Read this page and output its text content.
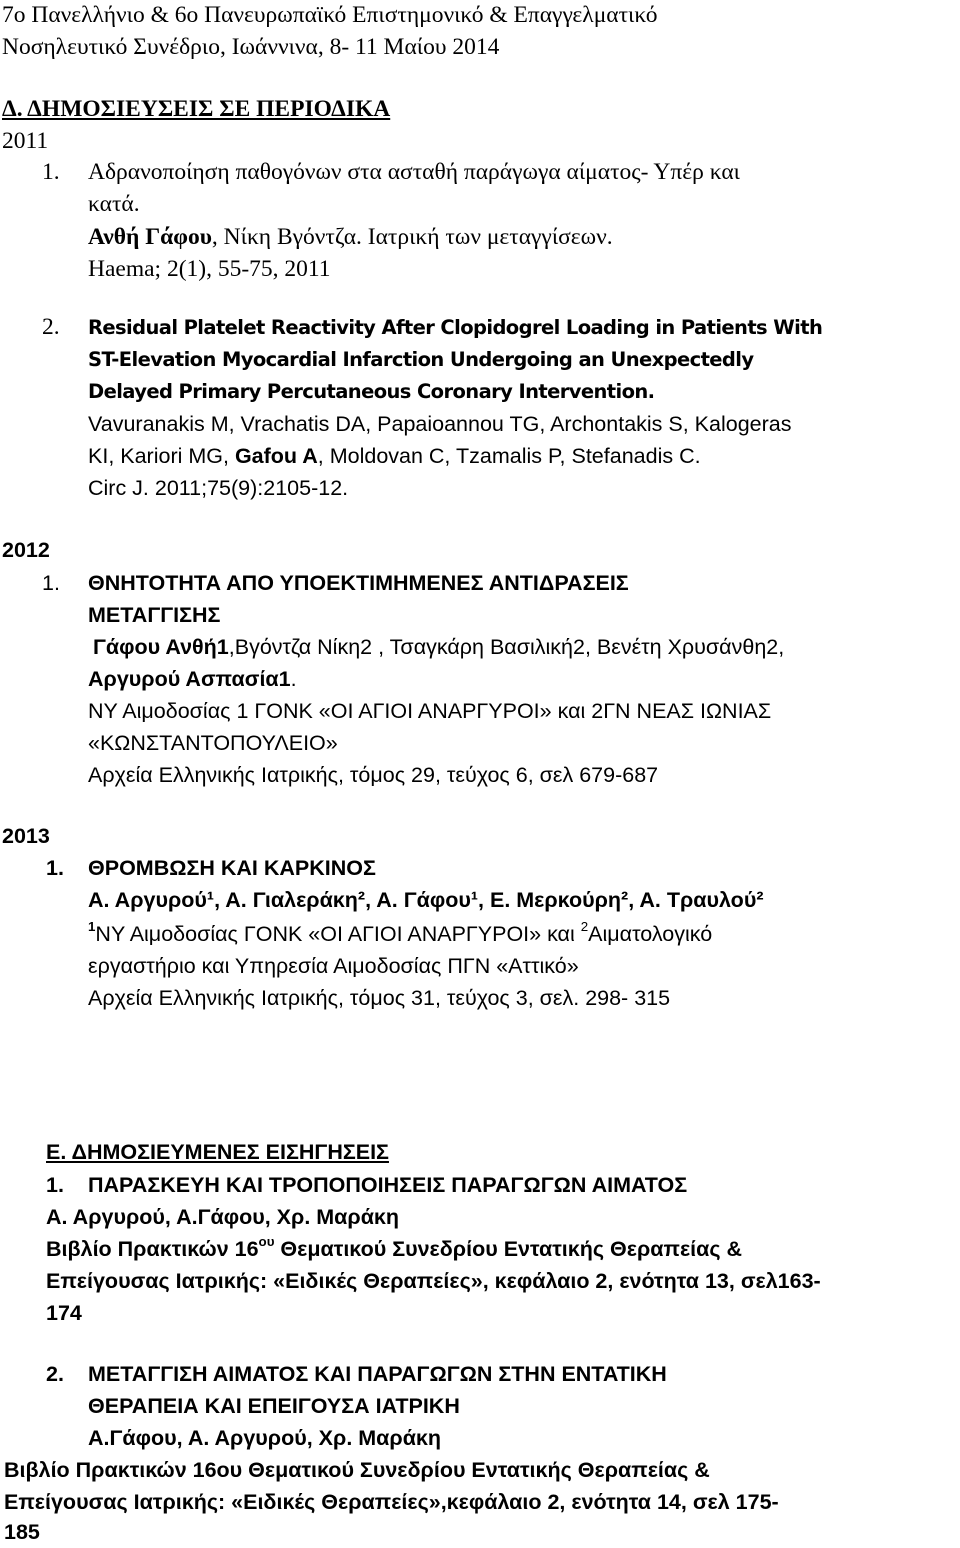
7ο Πανελλήνιο & 6ο Πανευρωπαϊκό Επιστημονικό & Επαγγελματικό
Νοσηλευτικό Συνέδριο, Ιωάννινα, 8- 11 Μαίου 2014
Δ. ΔΗΜΟΣΙΕΥΣΕΙΣ ΣΕ ΠΕΡΙΟΔΙΚΑ
2011
1. Αδρανοποίηση παθογόνων στα ασταθή παράγωγα αίματος- Υπέρ και
κατά.
Ανθή Γάφου, Νίκη Βγόντζα. Ιατρική των μεταγγίσεων.
Haema; 2(1), 55-75, 2011
2. Residual Platelet Reactivity After Clopidogrel Loading in Patients With
ST-Elevation Myocardial Infarction Undergoing an Unexpectedly
Delayed Primary Percutaneous Coronary Intervention.
Vavuranakis M, Vrachatis DA, Papaioannou TG, Archontakis S, Kalogeras
KI, Kariori MG, Gafou A, Moldovan C, Tzamalis P, Stefanadis C.
Circ J. 2011;75(9):2105-12.
2012
1. ΘΝΗΤΟΤΗΤΑ ΑΠΟ ΥΠΟΕΚΤΙΜΗΜΕΝΕΣ ΑΝΤΙΔΡΑΣΕΙΣ
ΜΕΤΑΓΓΙΣΗΣ
Γάφου Ανθή1,Βγόντζα Νίκη2 , Τσαγκάρη Βασιλική2, Βενέτη Χρυσάνθη2,
Αργυρού Ασπασία1.
ΝΥ Αιμοδοσίας 1 ΓΟΝΚ «ΟΙ ΑΓΙΟΙ ΑΝΑΡΓΥΡΟΙ» και 2ΓΝ ΝΕΑΣ ΙΩΝΙΑΣ
«ΚΩΝΣΤΑΝΤΟΠΟΥΛΕΙΟ»
Αρχεία Ελληνικής Ιατρικής, τόμος 29, τεύχος 6, σελ 679-687
2013
1. ΘΡΟΜΒΩΣΗ ΚΑΙ ΚΑΡΚΙΝΟΣ
Α. Αργυρού¹, Α. Γιαλεράκη², Α. Γάφου¹, Ε. Μερκούρη², Α. Τραυλού²
$^1$ΝΥ Αιμοδοσίας ΓΟΝΚ «ΟΙ ΑΓΙΟΙ ΑΝΑΡΓΥΡΟΙ» και $^2$Αιματολογικό
εργαστήριο και Υπηρεσία Αιμοδοσίας ΠΓΝ «Αττικό»
Αρχεία Ελληνικής Ιατρικής, τόμος 31, τεύχος 3, σελ. 298- 315
Ε. ΔΗΜΟΣΙΕΥΜΕΝΕΣ ΕΙΣΗΓΗΣΕΙΣ
1. ΠΑΡΑΣΚΕΥΗ ΚΑΙ ΤΡΟΠΟΠΟΙΗΣΕΙΣ ΠΑΡΑΓΩΓΩΝ ΑΙΜΑΤΟΣ
Α. Αργυρού, Α.Γάφου, Χρ. Μαράκη
Βιβλίο Πρακτικών $16^{o\upsilon}$ Θεματικού Συνεδρίου Εντατικής Θεραπείας &
Επείγουσας Ιατρικής: «Ειδικές Θεραπείες», κεφάλαιο 2, ενότητα 13, σελ163-
174
2. ΜΕΤΑΓΓΙΣΗ ΑΙΜΑΤΟΣ ΚΑΙ ΠΑΡΑΓΩΓΩΝ ΣΤΗΝ ΕΝΤΑΤΙΚΗ
ΘΕΡΑΠΕΙΑ ΚΑΙ ΕΠΕΙΓΟΥΣΑ ΙΑΤΡΙΚΗ
Α.Γάφου, Α. Αργυρού, Χρ. Μαράκη
Βιβλίο Πρακτικών 16ου Θεματικού Συνεδρίου Εντατικής Θεραπείας &
Επείγουσας Ιατρικής: «Ειδικές Θεραπείες»,κεφάλαιο 2, ενότητα 14, σελ 175-
185
